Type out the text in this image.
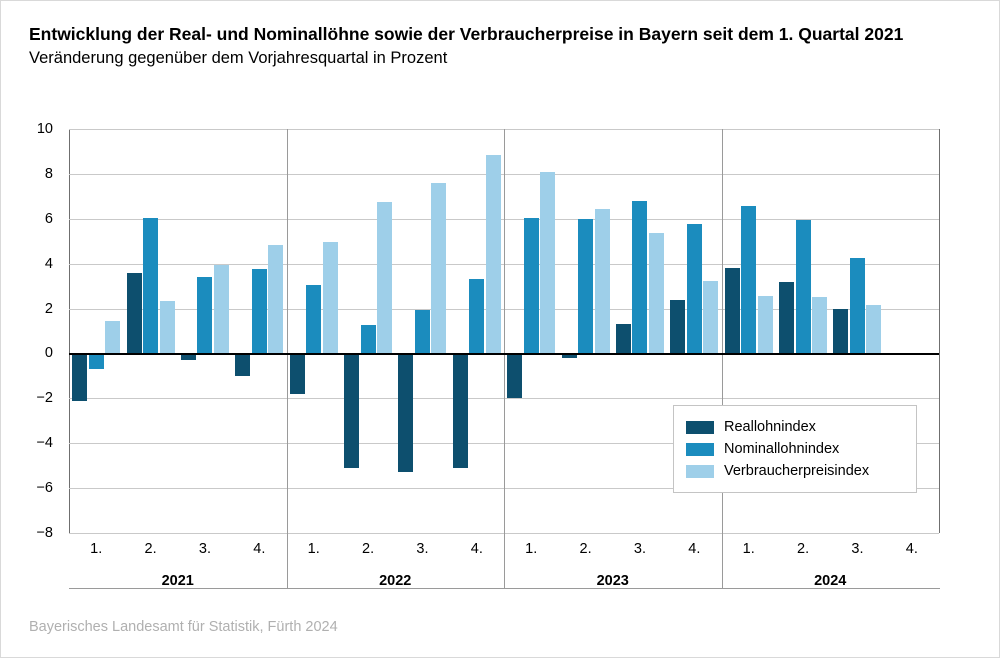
Entwicklung der Real- und Nominallöhne sowie der Verbraucherpreise in Bayern seit dem 1. Quartal 2021
Veränderung gegenüber dem Vorjahresquartal in Prozent
10
8
6
4
2
0
−2
−4
−6
−8
1.	2.	3.	4.	1.	2.	3.	4.	1.	2.	3.	4.	1.	2.	3.	4.
2021	2022	2023	2024
Reallohnindex
Nominallohnindex
Verbraucherpreisindex
Bayerisches Landesamt für Statistik, Fürth 2024
